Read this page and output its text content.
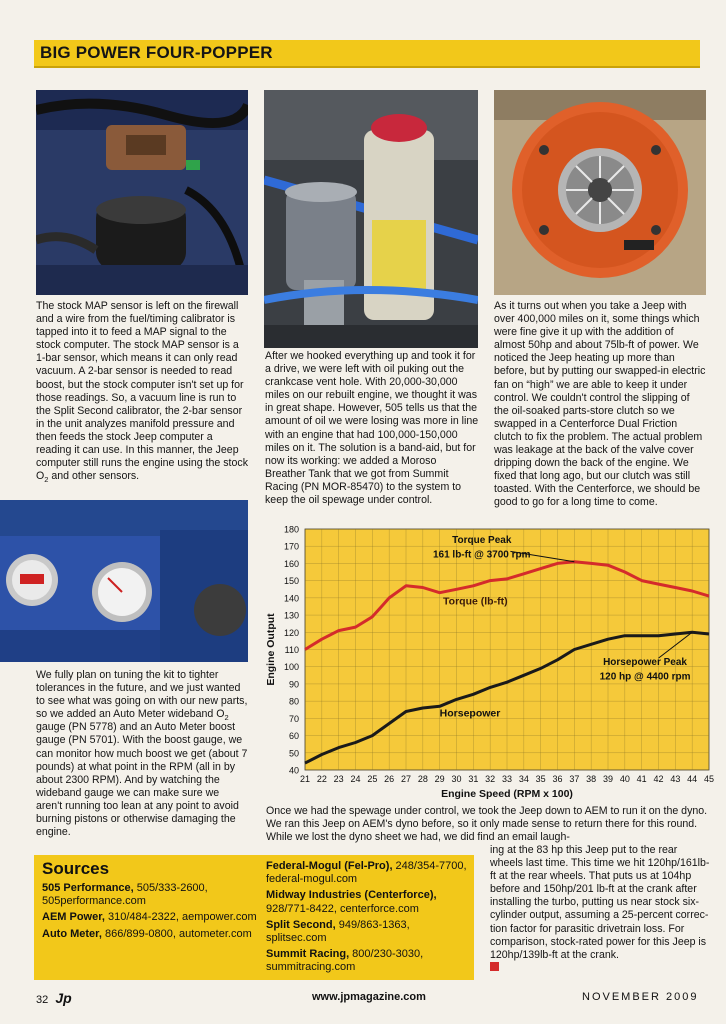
BIG POWER FOUR-POPPER

The stock MAP sensor is left on the firewall and a wire from the fuel/timing calibrator is tapped into it to feed a MAP signal to the stock computer. The stock MAP sensor is a 1-bar sensor, which means it can only read vacuum. A 2-bar sensor is needed to read boost, but the stock computer isn't set up for those readings. So, a vacuum line is run to the Split Second calibrator, the 2-bar sensor in the unit analyzes manifold pressure and then feeds the stock Jeep computer a reading it can use. In this manner, the Jeep computer still runs the engine using the stock $O_2$ and other sensors.

After we hooked everything up and took it for a drive, we were left with oil puking out the crankcase vent hole. With 20,000-30,000 miles on our rebuilt engine, we thought it was in great shape. However, 505 tells us that the amount of oil we were losing was more in line with an engine that had 100,000-150,000 miles on it. The solution is a band-aid, but for now its working: we added a Moroso Breather Tank that we got from Summit Racing (PN MOR-85470) to the system to keep the oil spewage under control.

As it turns out when you take a Jeep with over 400,000 miles on it, some things which were fine give it up with the addition of almost 50hp and about 75lb-ft of power. We noticed the Jeep heating up more than before, but by putting our swapped-in electric fan on “high” we are able to keep it under control. We couldn't control the slipping of the oil-soaked parts-store clutch so we swapped in a Centerforce Dual Friction clutch to fix the problem. The actual problem was leakage at the back of the valve cover dripping down the back of the engine. We fixed that long ago, but our clutch was still toasted. With the Centerforce, we should be good to go for a long time to come.

We fully plan on tuning the kit to tighter tolerances in the future, and we just wanted to see what was going on with our new parts, so we added an Auto Meter wideband $O_2$ gauge (PN 5778) and an Auto Meter boost gauge (PN 5701). With the boost gauge, we can monitor how much boost we get (about 7 pounds) at what point in the RPM (all in by about 2300 RPM). And by watching the wideband gauge we can make sure we aren't running too lean at any point to avoid burning pistons or otherwise damaging the engine.

40
50
60
70
80
90
100
110
120
130
140
150
160
170
180
21 22 23 24 25 26 27 28 29 30 31 32 33 34 35 36 37 38 39 40 41 42 43 44 45
Engine Speed (RPM x 100)
Engine Output
Torque (lb-ft)
Horsepower
Torque Peak
161 lb-ft @ 3700 rpm
Horsepower Peak
120 hp @ 4400 rpm

Once we had the spewage under control, we took the Jeep down to AEM to run it on the dyno. We ran this Jeep on AEM's dyno before, so it only made sense to return there for this round. While we lost the dyno sheet we had, we did find an email laugh-

ing at the 83 hp this Jeep put to the rear wheels last time. This time we hit 120hp/161lb-ft at the rear wheels. That puts us at 104hp before and 150hp/201 lb-ft at the crank after installing the turbo, putting us near stock six-cylinder output, assuming a 25-percent correc-tion factor for parasitic drivetrain loss. For comparison, stock-rated power for this Jeep is 120hp/139lb-ft at the crank.

Sources
505 Performance, 505/333-2600, 505performance.com
AEM Power, 310/484-2322, aempower.com
Auto Meter, 866/899-0800, autometer.com
Federal-Mogul (Fel-Pro), 248/354-7700, federal-mogul.com
Midway Industries (Centerforce), 928/771-8422, centerforce.com
Split Second, 949/863-1363, splitsec.com
Summit Racing, 800/230-3030, summitracing.com
32 Jp	www.jpmagazine.com	NOVEMBER 2009
